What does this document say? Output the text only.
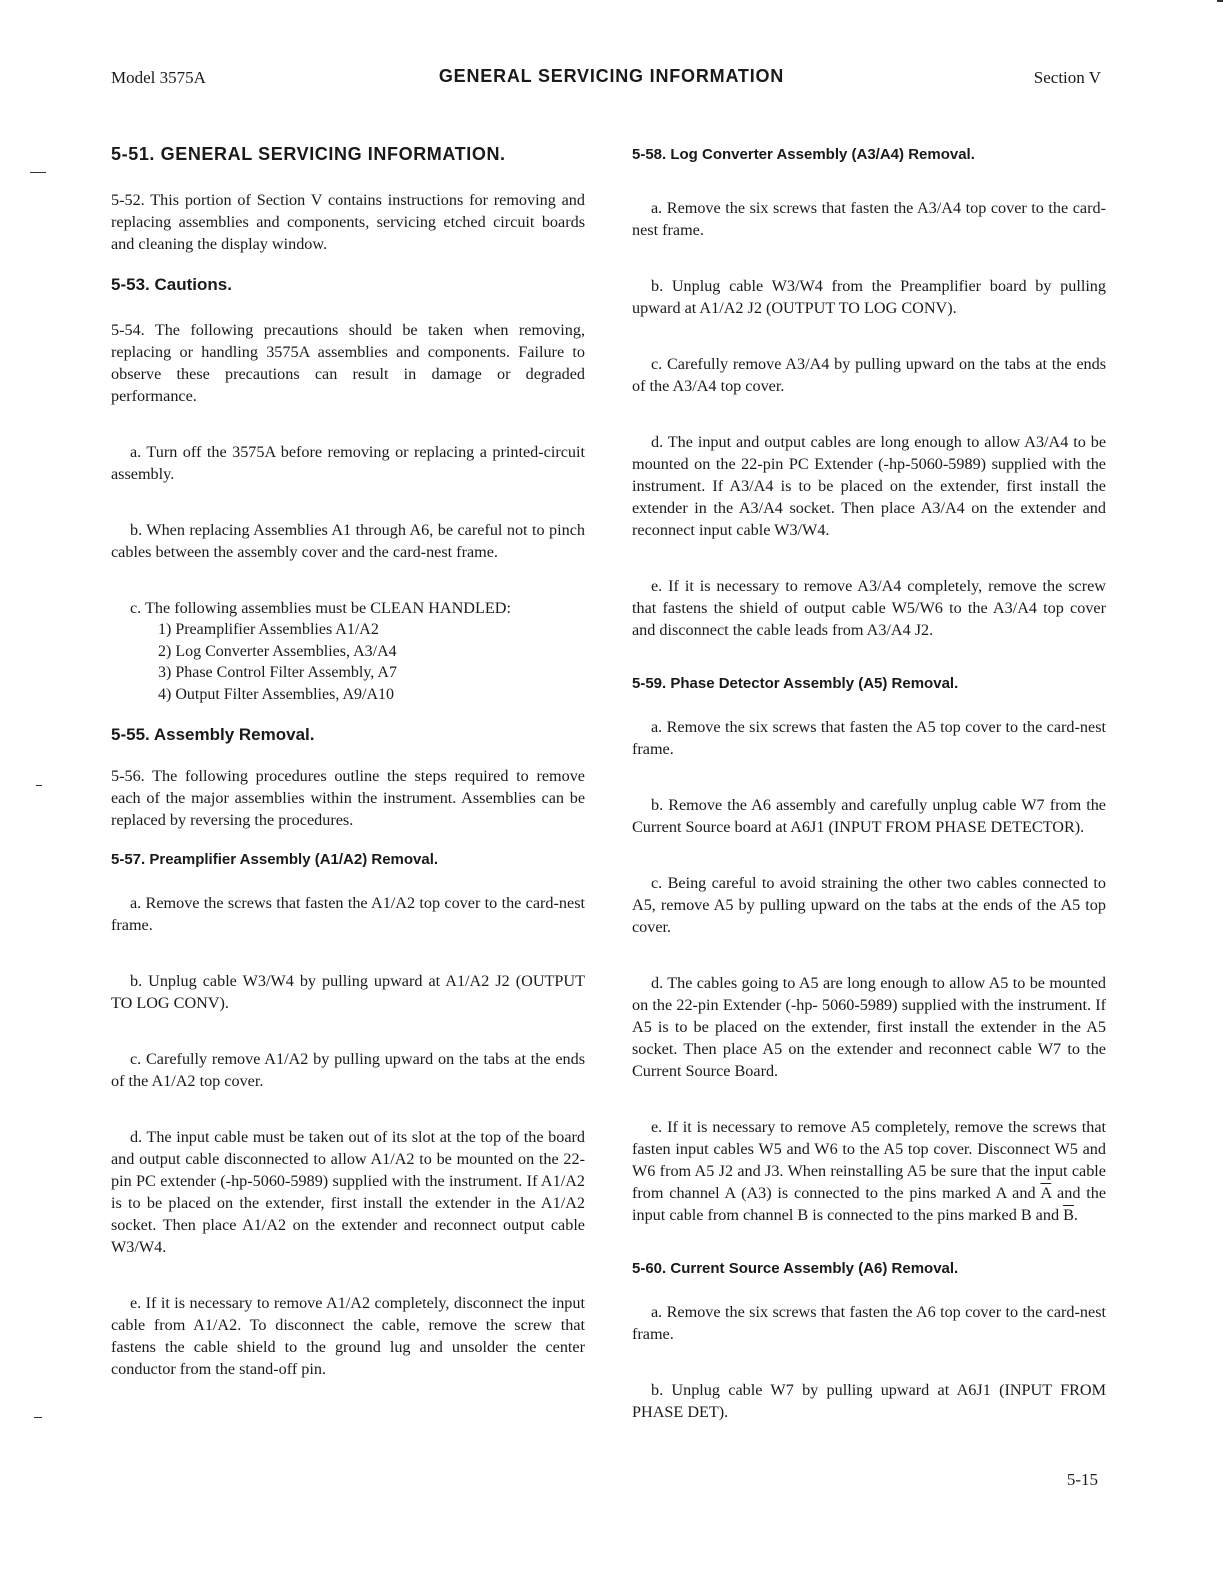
Model 3575A	GENERAL SERVICING INFORMATION	Section V
5-51. GENERAL SERVICING INFORMATION.

5-52. This portion of Section V contains instructions for removing and replacing assemblies and components, servicing etched circuit boards and cleaning the display window.

5-53. Cautions.

5-54. The following precautions should be taken when removing, replacing or handling 3575A assemblies and components. Failure to observe these precautions can result in damage or degraded performance.

a. Turn off the 3575A before removing or replacing a printed-circuit assembly.

b. When replacing Assemblies A1 through A6, be careful not to pinch cables between the assembly cover and the card-nest frame.

c. The following assemblies must be CLEAN HANDLED:

1) Preamplifier Assemblies A1/A2
2) Log Converter Assemblies, A3/A4
3) Phase Control Filter Assembly, A7
4) Output Filter Assemblies, A9/A10
5-55. Assembly Removal.

5-56. The following procedures outline the steps required to remove each of the major assemblies within the instrument. Assemblies can be replaced by reversing the procedures.

5-57. Preamplifier Assembly (A1/A2) Removal.

a. Remove the screws that fasten the A1/A2 top cover to the card-nest frame.

b. Unplug cable W3/W4 by pulling upward at A1/A2 J2 (OUTPUT TO LOG CONV).

c. Carefully remove A1/A2 by pulling upward on the tabs at the ends of the A1/A2 top cover.

d. The input cable must be taken out of its slot at the top of the board and output cable disconnected to allow A1/A2 to be mounted on the 22-pin PC extender (-hp-5060-5989) supplied with the instrument. If A1/A2 is to be placed on the extender, first install the extender in the A1/A2 socket. Then place A1/A2 on the extender and reconnect output cable W3/W4.

e. If it is necessary to remove A1/A2 completely, disconnect the input cable from A1/A2. To disconnect the cable, remove the screw that fastens the cable shield to the ground lug and unsolder the center conductor from the stand-off pin.

5-58. Log Converter Assembly (A3/A4) Removal.

a. Remove the six screws that fasten the A3/A4 top cover to the card-nest frame.

b. Unplug cable W3/W4 from the Preamplifier board by pulling upward at A1/A2 J2 (OUTPUT TO LOG CONV).

c. Carefully remove A3/A4 by pulling upward on the tabs at the ends of the A3/A4 top cover.

d. The input and output cables are long enough to allow A3/A4 to be mounted on the 22-pin PC Extender (-hp-5060-5989) supplied with the instrument. If A3/A4 is to be placed on the extender, first install the extender in the A3/A4 socket. Then place A3/A4 on the extender and reconnect input cable W3/W4.

e. If it is necessary to remove A3/A4 completely, remove the screw that fastens the shield of output cable W5/W6 to the A3/A4 top cover and disconnect the cable leads from A3/A4 J2.

5-59. Phase Detector Assembly (A5) Removal.

a. Remove the six screws that fasten the A5 top cover to the card-nest frame.

b. Remove the A6 assembly and carefully unplug cable W7 from the Current Source board at A6J1 (INPUT FROM PHASE DETECTOR).

c. Being careful to avoid straining the other two cables connected to A5, remove A5 by pulling upward on the tabs at the ends of the A5 top cover.

d. The cables going to A5 are long enough to allow A5 to be mounted on the 22-pin Extender (-hp- 5060-5989) supplied with the instrument. If A5 is to be placed on the extender, first install the extender in the A5 socket. Then place A5 on the extender and reconnect cable W7 to the Current Source Board.

e. If it is necessary to remove A5 completely, remove the screws that fasten input cables W5 and W6 to the A5 top cover. Disconnect W5 and W6 from A5 J2 and J3. When reinstalling A5 be sure that the input cable from channel A (A3) is connected to the pins marked A and $\overline{A}$ and the input cable from channel B is connected to the pins marked B and $\overline{B}$.

5-60. Current Source Assembly (A6) Removal.

a. Remove the six screws that fasten the A6 top cover to the card-nest frame.

b. Unplug cable W7 by pulling upward at A6J1 (INPUT FROM PHASE DET).

5-15
